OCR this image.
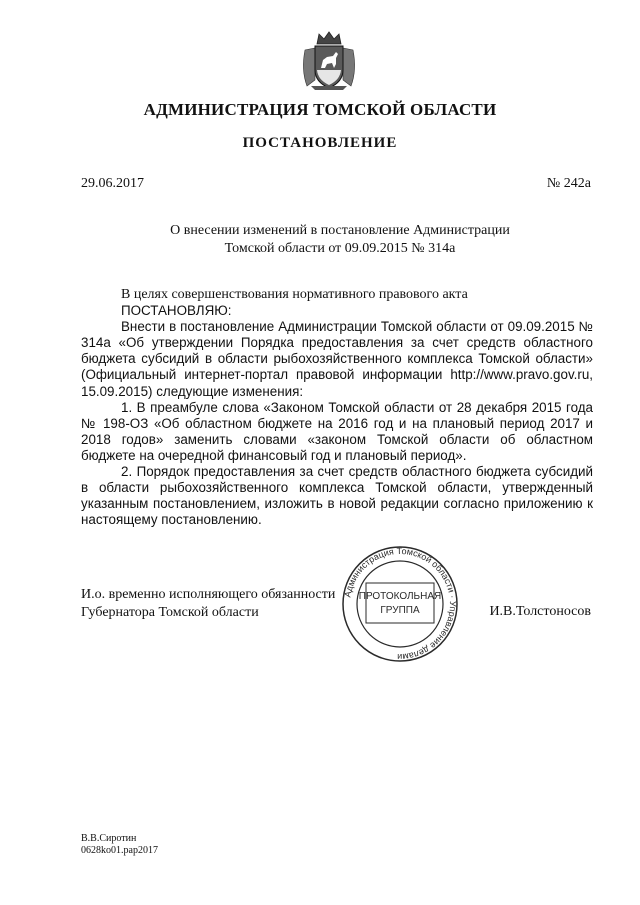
АДМИНИСТРАЦИЯ ТОМСКОЙ ОБЛАСТИ
ПОСТАНОВЛЕНИЕ
29.06.2017	№ 242а
О внесении изменений в постановление Администрации
Томской области от 09.09.2015 № 314а

В целях совершенствования нормативного правового акта

ПОСТАНОВЛЯЮ:

Внести в постановление Администрации Томской области от 09.09.2015 № 314а «Об утверждении Порядка предоставления за счет средств областного бюджета субсидий в области рыбохозяйственного комплекса Томской области» (Официальный интернет-портал правовой информации http://www.pravo.gov.ru, 15.09.2015) следующие изменения:

1. В преамбуле слова «Законом Томской области от 28 декабря 2015 года № 198-ОЗ «Об областном бюджете на 2016 год и на плановый период 2017 и 2018 годов» заменить словами «законом Томской области об областном бюджете на очередной финансовый год и плановый период».

2. Порядок предоставления за счет средств областного бюджета субсидий в области рыбохозяйственного комплекса Томской области, утвержденный указанным постановлением, изложить в новой редакции согласно приложению к настоящему постановлению.

И.о. временно исполняющего обязанности
Губернатора Томской области
Администрация Томской области · Управление делами
ПРОТОКОЛЬНАЯ
ГРУППА	И.В.Толстоносов
В.В.Сиротин
0628ko01.pap2017
